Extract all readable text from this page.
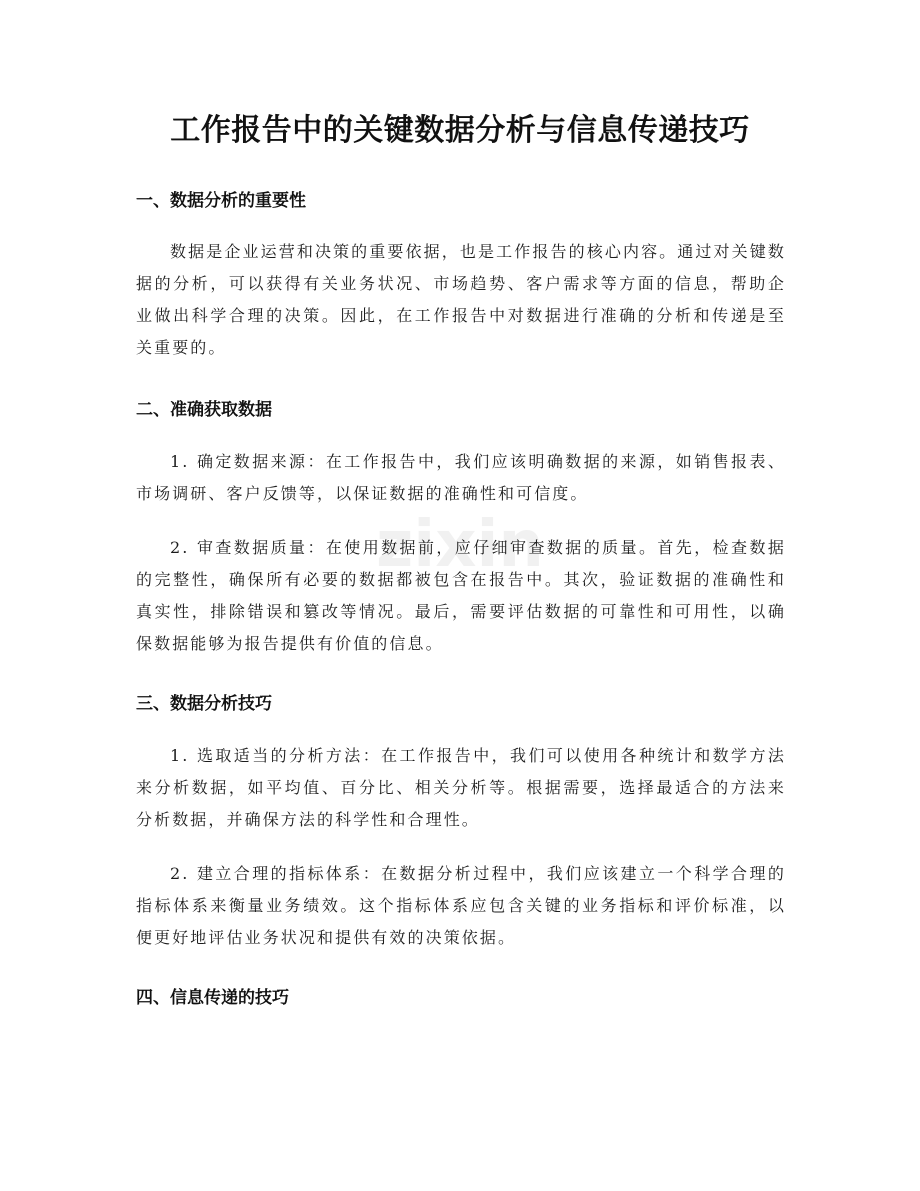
zixin
工作报告中的关键数据分析与信息传递技巧
一、数据分析的重要性

数据是企业运营和决策的重要依据，也是工作报告的核心内容。通过对关键数据的分析，可以获得有关业务状况、市场趋势、客户需求等方面的信息，帮助企业做出科学合理的决策。因此，在工作报告中对数据进行准确的分析和传递是至关重要的。

二、准确获取数据

1. 确定数据来源：在工作报告中，我们应该明确数据的来源，如销售报表、市场调研、客户反馈等，以保证数据的准确性和可信度。

2. 审查数据质量：在使用数据前，应仔细审查数据的质量。首先，检查数据的完整性，确保所有必要的数据都被包含在报告中。其次，验证数据的准确性和真实性，排除错误和篡改等情况。最后，需要评估数据的可靠性和可用性，以确保数据能够为报告提供有价值的信息。

三、数据分析技巧

1. 选取适当的分析方法：在工作报告中，我们可以使用各种统计和数学方法来分析数据，如平均值、百分比、相关分析等。根据需要，选择最适合的方法来分析数据，并确保方法的科学性和合理性。

2. 建立合理的指标体系：在数据分析过程中，我们应该建立一个科学合理的指标体系来衡量业务绩效。这个指标体系应包含关键的业务指标和评价标准，以便更好地评估业务状况和提供有效的决策依据。

四、信息传递的技巧
